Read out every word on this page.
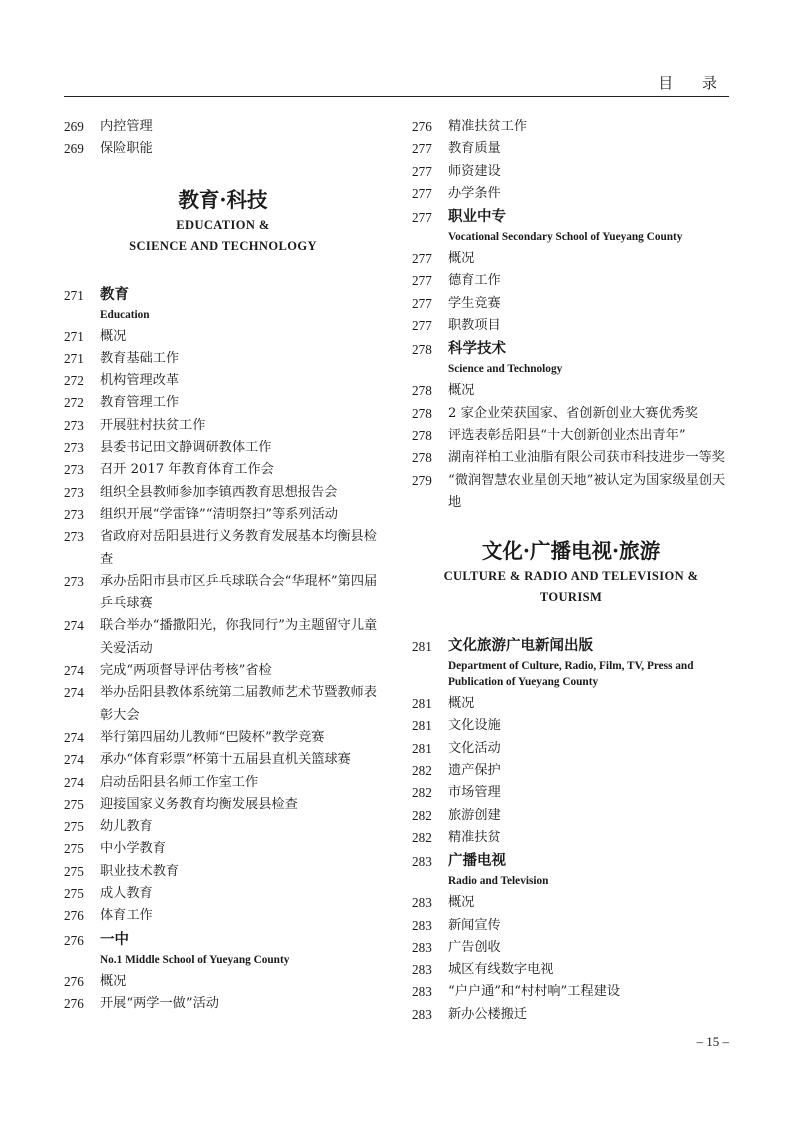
目 录
269	内控管理
269	保险职能
教育·科技
EDUCATION &
SCIENCE AND TECHNOLOGY
271	教育
Education
271	概况
271	教育基础工作
272	机构管理改革
272	教育管理工作
273	开展驻村扶贫工作
273	县委书记田文静调研教体工作
273	召开 2017 年教育体育工作会
273	组织全县教师参加李镇西教育思想报告会
273	组织开展“学雷锋”“清明祭扫”等系列活动
273	省政府对岳阳县进行义务教育发展基本均衡县检查
273	承办岳阳市县市区乒乓球联合会“华琨杯”第四届乒乓球赛
274	联合举办“播撒阳光，你我同行”为主题留守儿童关爱活动
274	完成“两项督导评估考核”省检
274	举办岳阳县教体系统第二届教师艺术节暨教师表彰大会
274	举行第四届幼儿教师“巴陵杯”教学竞赛
274	承办“体育彩票”杯第十五届县直机关篮球赛
274	启动岳阳县名师工作室工作
275	迎接国家义务教育均衡发展县检查
275	幼儿教育
275	中小学教育
275	职业技术教育
275	成人教育
276	体育工作
276	一中
No.1 Middle School of Yueyang County
276	概况
276	开展“两学一做”活动
276	精准扶贫工作
277	教育质量
277	师资建设
277	办学条件
277	职业中专
Vocational Secondary School of Yueyang County
277	概况
277	德育工作
277	学生竞赛
277	职教项目
278	科学技术
Science and Technology
278	概况
278	2 家企业荣获国家、省创新创业大赛优秀奖
278	评选表彰岳阳县“十大创新创业杰出青年”
278	湖南祥柏工业油脂有限公司获市科技进步一等奖
279	“微润智慧农业星创天地”被认定为国家级星创天地
文化·广播电视·旅游
CULTURE & RADIO AND TELEVISION &
TOURISM
281	文化旅游广电新闻出版
Department of Culture, Radio, Film, TV, Press and Publication of Yueyang County
281	概况
281	文化设施
281	文化活动
282	遗产保护
282	市场管理
282	旅游创建
282	精准扶贫
283	广播电视
Radio and Television
283	概况
283	新闻宣传
283	广告创收
283	城区有线数字电视
283	“户户通”和“村村响”工程建设
283	新办公楼搬迁
– 15 –
